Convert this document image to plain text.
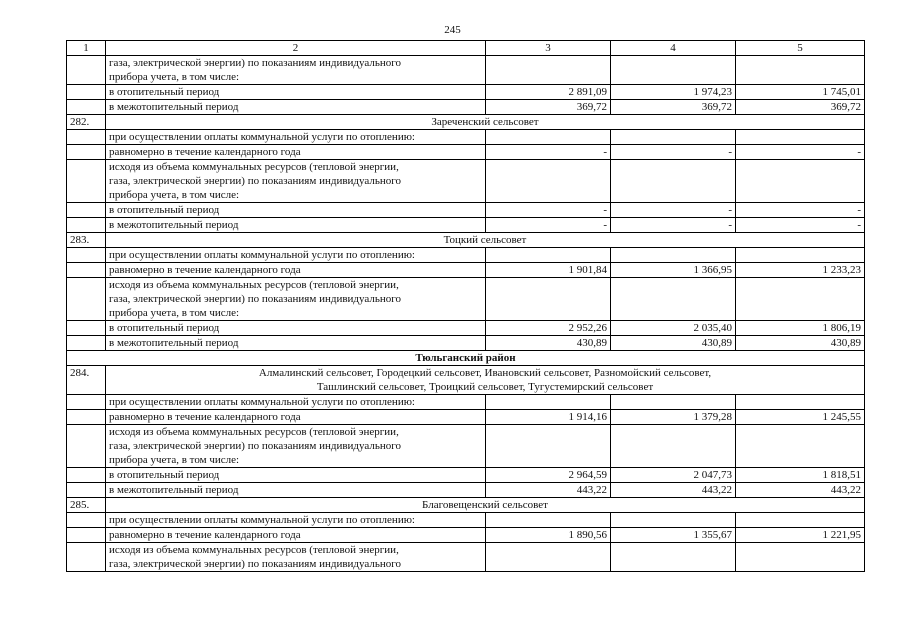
245
1	2	3	4	5

	газа, электрической энергии) по показаниям индивидуального
прибора учета, в том числе:			

	в отопительный период	2 891,09	1 974,23	1 745,01
	в межотопительный период	369,72	369,72	369,72
282.	Зареченский сельсовет			

	при осуществлении оплаты коммунальной услуги по отоплению:			

	равномерно в течение календарного года	-	-	-

	исходя из объема коммунальных ресурсов (тепловой энергии,
газа, электрической энергии) по показаниям индивидуального
прибора учета, в том числе:			

	в отопительный период	-	-	-
	в межотопительный период	-	-	-
283.	Тоцкий сельсовет			

	при осуществлении оплаты коммунальной услуги по отоплению:			

	равномерно в течение календарного года	1 901,84	1 366,95	1 233,23

	исходя из объема коммунальных ресурсов (тепловой энергии,
газа, электрической энергии) по показаниям индивидуального
прибора учета, в том числе:			

	в отопительный период	2 952,26	2 035,40	1 806,19
	в межотопительный период	430,89	430,89	430,89
Тюльганский район				
284.	Алмалинский сельсовет, Городецкий сельсовет, Ивановский сельсовет, Разномойский сельсовет,
Ташлинский сельсовет, Троицкий сельсовет, Тугустемирский сельсовет			

	при осуществлении оплаты коммунальной услуги по отоплению:			

	равномерно в течение календарного года	1 914,16	1 379,28	1 245,55

	исходя из объема коммунальных ресурсов (тепловой энергии,
газа, электрической энергии) по показаниям индивидуального
прибора учета, в том числе:			

	в отопительный период	2 964,59	2 047,73	1 818,51
	в межотопительный период	443,22	443,22	443,22
285.	Благовещенский сельсовет			

	при осуществлении оплаты коммунальной услуги по отоплению:			

	равномерно в течение календарного года	1 890,56	1 355,67	1 221,95

	исходя из объема коммунальных ресурсов (тепловой энергии,
газа, электрической энергии) по показаниям индивидуального			
